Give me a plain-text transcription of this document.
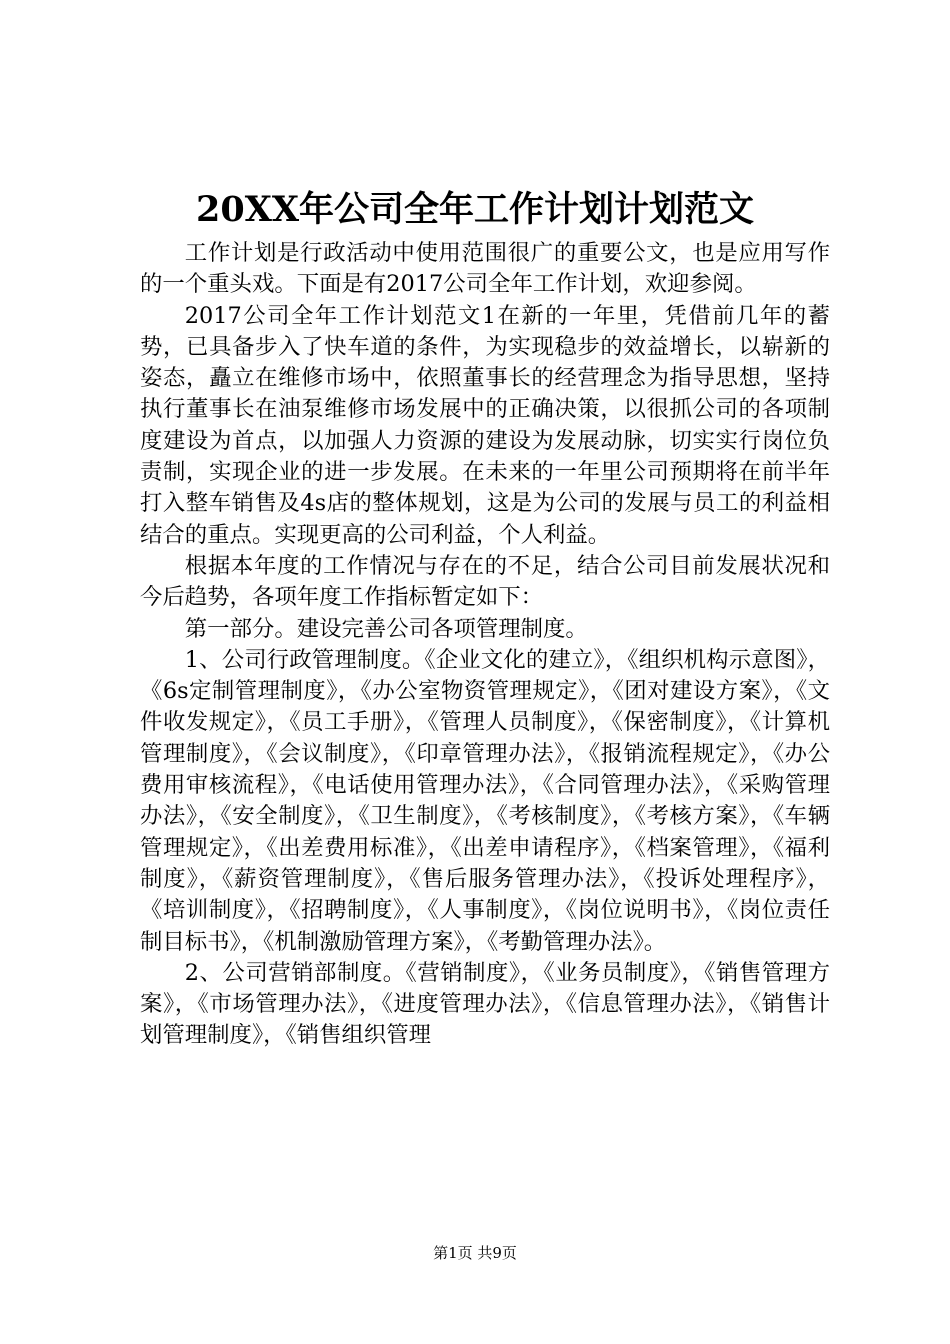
20XX年公司全年工作计划计划范文

工作计划是行政活动中使用范围很广的重要公文，也是应用写作的一个重头戏。下面是有2017公司全年工作计划，欢迎参阅。

2017公司全年工作计划范文1在新的一年里，凭借前几年的蓄势，已具备步入了快车道的条件，为实现稳步的效益增长，以崭新的姿态，矗立在维修市场中，依照董事长的经营理念为指导思想，坚持执行董事长在油泵维修市场发展中的正确决策，以很抓公司的各项制度建设为首点，以加强人力资源的建设为发展动脉，切实实行岗位负责制，实现企业的进一步发展。在未来的一年里公司预期将在前半年打入整车销售及4s店的整体规划，这是为公司的发展与员工的利益相结合的重点。实现更高的公司利益，个人利益。

根据本年度的工作情况与存在的不足，结合公司目前发展状况和今后趋势，各项年度工作指标暂定如下：

第一部分。建设完善公司各项管理制度。

1、公司行政管理制度。《企业文化的建立》，《组织机构示意图》，《6s定制管理制度》，《办公室物资管理规定》，《团对建设方案》，《文件收发规定》，《员工手册》，《管理人员制度》，《保密制度》，《计算机管理制度》，《会议制度》，《印章管理办法》，《报销流程规定》，《办公费用审核流程》，《电话使用管理办法》，《合同管理办法》，《采购管理办法》，《安全制度》，《卫生制度》，《考核制度》，《考核方案》，《车辆管理规定》，《出差费用标准》，《出差申请程序》，《档案管理》，《福利制度》，《薪资管理制度》，《售后服务管理办法》，《投诉处理程序》，《培训制度》，《招聘制度》，《人事制度》，《岗位说明书》，《岗位责任制目标书》，《机制激励管理方案》，《考勤管理办法》。

2、公司营销部制度。《营销制度》，《业务员制度》，《销售管理方案》，《市场管理办法》，《进度管理办法》，《信息管理办法》，《销售计划管理制度》，《销售组织管理

第1页 共9页
